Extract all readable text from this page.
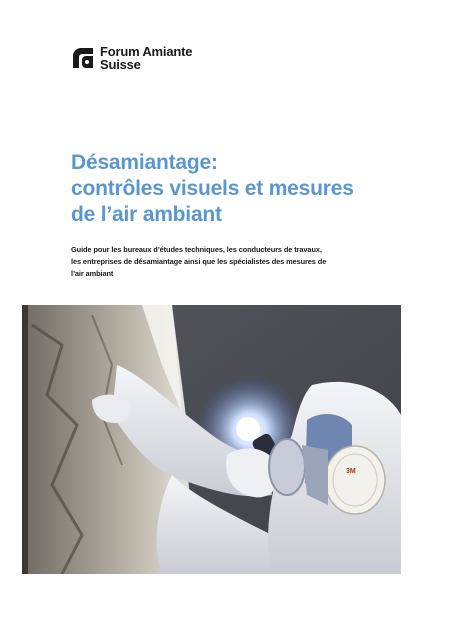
Forum Amiante
Suisse
Désamiantage:
contrôles visuels et mesures
de l’air ambiant
Guide pour les bureaux d’études techniques, les conducteurs de travaux,
les entreprises de désamiantage ainsi que les spécialistes des mesures de
l’air ambiant
3M
